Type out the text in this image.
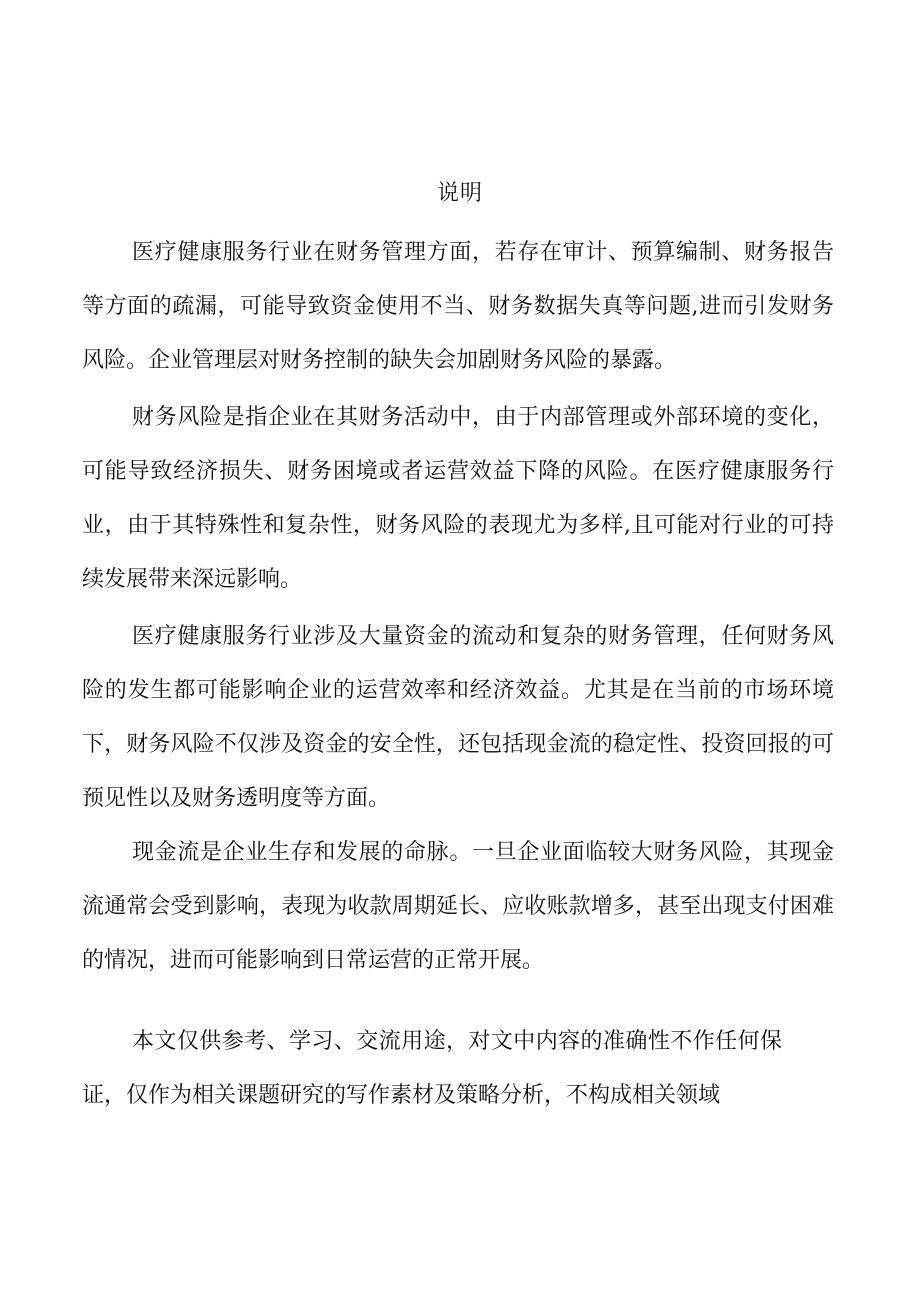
说明

医疗健康服务行业在财务管理方面，若存在审计、预算编制、财务报告等方面的疏漏，可能导致资金使用不当、财务数据失真等问题,进而引发财务风险。企业管理层对财务控制的缺失会加剧财务风险的暴露。

财务风险是指企业在其财务活动中，由于内部管理或外部环境的变化，可能导致经济损失、财务困境或者运营效益下降的风险。在医疗健康服务行业，由于其特殊性和复杂性，财务风险的表现尤为多样,且可能对行业的可持续发展带来深远影响。

医疗健康服务行业涉及大量资金的流动和复杂的财务管理，任何财务风险的发生都可能影响企业的运营效率和经济效益。尤其是在当前的市场环境下，财务风险不仅涉及资金的安全性，还包括现金流的稳定性、投资回报的可预见性以及财务透明度等方面。

现金流是企业生存和发展的命脉。一旦企业面临较大财务风险，其现金流通常会受到影响，表现为收款周期延长、应收账款增多，甚至出现支付困难的情况，进而可能影响到日常运营的正常开展。

本文仅供参考、学习、交流用途，对文中内容的准确性不作任何保证，仅作为相关课题研究的写作素材及策略分析，不构成相关领域
